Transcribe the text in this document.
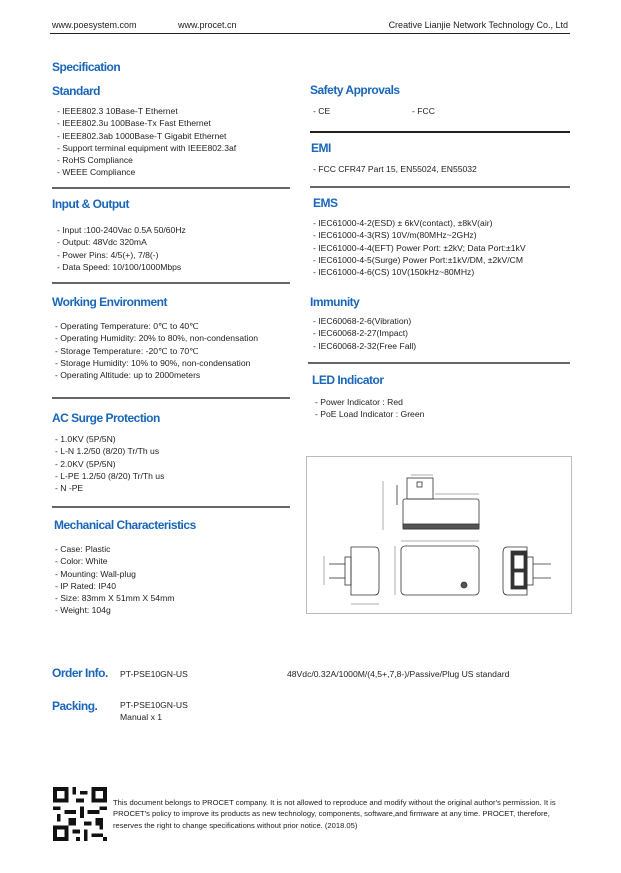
www.poesystem.com	www.procet.cn	Creative Lianjie Network Technology Co., Ltd
Specification
Standard
- IEEE802.3 10Base-T Ethernet
- IEEE802.3u 100Base-Tx Fast Ethernet
- IEEE802.3ab 1000Base-T Gigabit Ethernet
- Support terminal equipment with IEEE802.3af
- RoHS Compliance
- WEEE Compliance
Input & Output
- Input :100-240Vac 0.5A 50/60Hz
- Output: 48Vdc 320mA
- Power Pins: 4/5(+), 7/8(-)
- Data Speed: 10/100/1000Mbps
Working Environment
- Operating Temperature: 0℃ to 40℃
- Operating Humidity: 20% to 80%, non-condensation
- Storage Temperature: -20℃ to 70℃
- Storage Humidity: 10% to 90%, non-condensation
- Operating Altitude: up to 2000meters
AC Surge Protection
- 1.0KV (5P/5N)
- L-N 1.2/50 (8/20) Tr/Th us
- 2.0KV (5P/5N)
- L-PE 1.2/50 (8/20) Tr/Th us
- N -PE
Mechanical Characteristics
- Case: Plastic
- Color: White
- Mounting: Wall-plug
- IP Rated: IP40
- Size: 83mm X 51mm X 54mm
- Weight: 104g
Safety Approvals
- CE	- FCC
EMI
- FCC CFR47 Part 15, EN55024, EN55032
EMS
- IEC61000-4-2(ESD) ± 6kV(contact), ±8kV(air)
- IEC61000-4-3(RS) 10V/m(80MHz~2GHz)
- IEC61000-4-4(EFT) Power Port: ±2kV; Data Port:±1kV
- IEC61000-4-5(Surge) Power Port:±1kV/DM, ±2kV/CM
- IEC61000-4-6(CS) 10V(150kHz~80MHz)
Immunity
- IEC60068-2-6(Vibration)
- IEC60068-2-27(Impact)
- IEC60068-2-32(Free Fall)
LED Indicator
- Power Indicator : Red
- PoE Load Indicator : Green
Order Info. PT-PSE10GN-US	48Vdc/0.32A/1000M/(4,5+,7,8-)/Passive/Plug US standard
Packing.	PT-PSE10GN-US
Manual x 1
This document belongs to PROCET company. It is not allowed to reproduce and modify without the original author's permission. It is PROCET's policy to improve its products as new technology, components, software,and firmware at any time. PROCET, therefore, reserves the right to change specifications without prior notice. (2018.05)
